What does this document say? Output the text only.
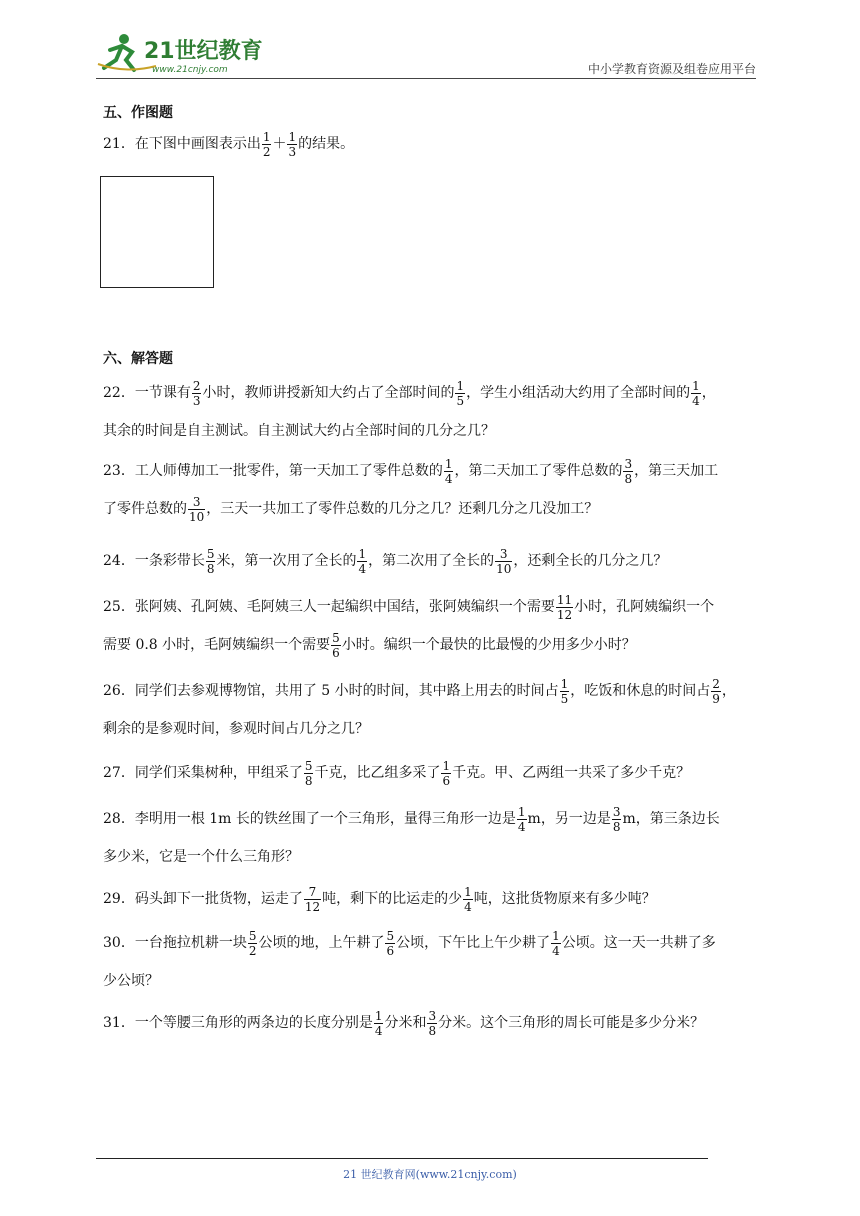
21世纪教育
www.21cnjy.com	中小学教育资源及组卷应用平台
五、作图题
21．在下图中画图表示出 $\frac{1}{2} + \frac{1}{3}$ 的结果。
六、解答题
22．一节课有 $\frac{2}{3}$ 小时，教师讲授新知大约占了全部时间的 $\frac{1}{5}$ ，学生小组活动大约用了全部时间的 $\frac{1}{4}$ ，
其余的时间是自主测试。自主测试大约占全部时间的几分之几？
23．工人师傅加工一批零件，第一天加工了零件总数的 $\frac{1}{4}$ ，第二天加工了零件总数的 $\frac{3}{8}$ ，第三天加工
了零件总数的 $\frac{3}{10}$ ，三天一共加工了零件总数的几分之几？还剩几分之几没加工？
24．一条彩带长 $\frac{5}{8}$ 米，第一次用了全长的 $\frac{1}{4}$ ，第二次用了全长的 $\frac{3}{10}$ ，还剩全长的几分之几？
25．张阿姨、孔阿姨、毛阿姨三人一起编织中国结，张阿姨编织一个需要 $\frac{11}{12}$ 小时，孔阿姨编织一个
需要 0.8 小时，毛阿姨编织一个需要 $\frac{5}{6}$ 小时。编织一个最快的比最慢的少用多少小时？
26．同学们去参观博物馆，共用了 5 小时的时间，其中路上用去的时间占 $\frac{1}{5}$ ，吃饭和休息的时间占 $\frac{2}{9}$ ，
剩余的是参观时间，参观时间占几分之几？
27．同学们采集树种，甲组采了 $\frac{5}{8}$ 千克，比乙组多采了 $\frac{1}{6}$ 千克。甲、乙两组一共采了多少千克？
28．李明用一根 1m 长的铁丝围了一个三角形，量得三角形一边是 $\frac{1}{4}$ m，另一边是 $\frac{3}{8}$ m，第三条边长
多少米，它是一个什么三角形？
29．码头卸下一批货物，运走了 $\frac{7}{12}$ 吨，剩下的比运走的少 $\frac{1}{4}$ 吨，这批货物原来有多少吨？
30．一台拖拉机耕一块 $\frac{5}{2}$ 公顷的地，上午耕了 $\frac{5}{6}$ 公顷，下午比上午少耕了 $\frac{1}{4}$ 公顷。这一天一共耕了多
少公顷？
31．一个等腰三角形的两条边的长度分别是 $\frac{1}{4}$ 分米和 $\frac{3}{8}$ 分米。这个三角形的周长可能是多少分米？
21 世纪教育网(www.21cnjy.com)
